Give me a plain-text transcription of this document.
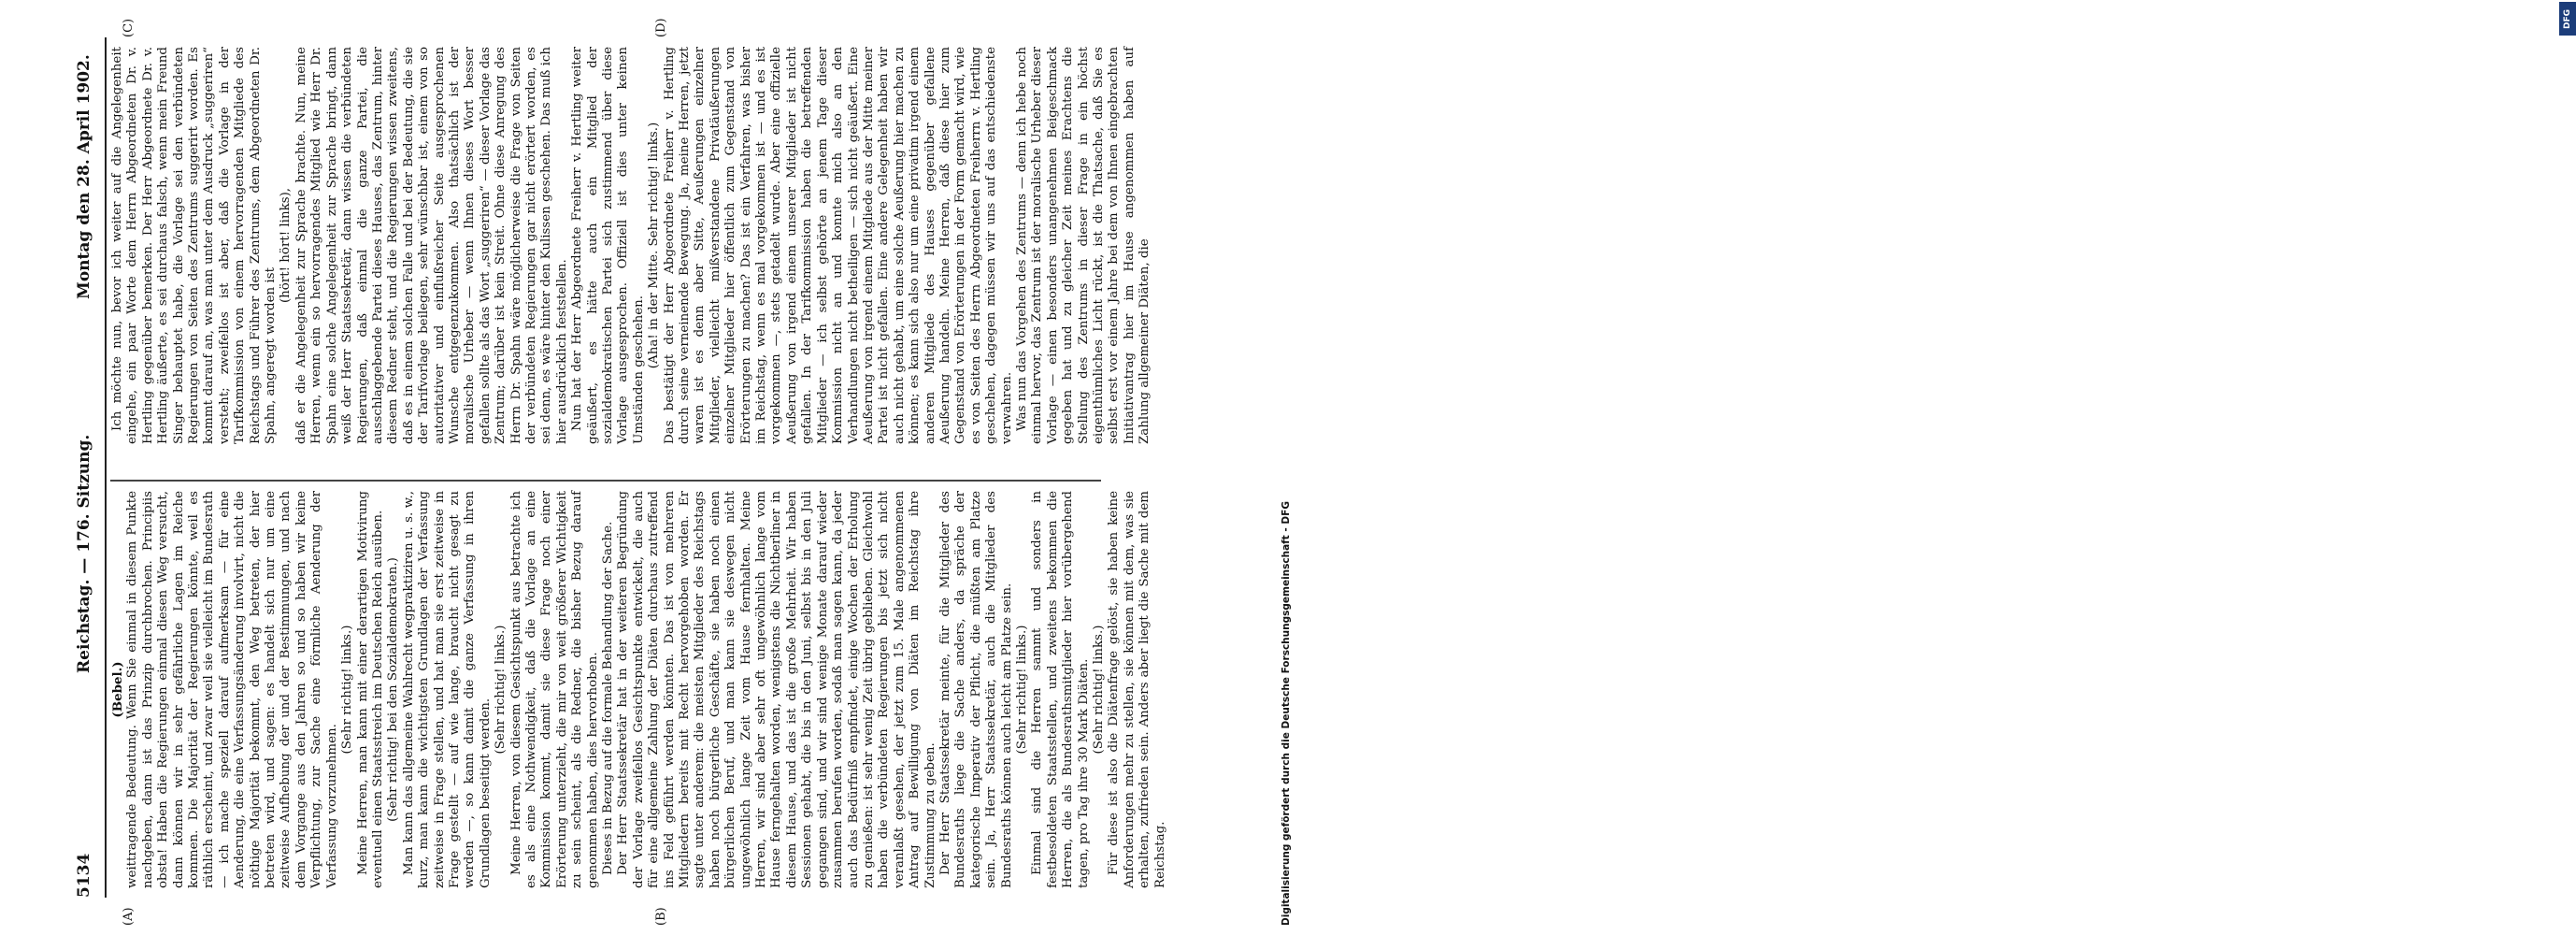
5134
Reichstag. — 176. Sitzung.
Montag den 28. April 1902.
(A)	(B)
(C)	(D)

(Bebel.) weittragende Bedeutung. Wenn Sie einmal in diesem Punkte nachgeben, dann ist das Prinzip durchbrochen. Principiis obsta! Haben die Regierungen einmal diesen Weg versucht, dann können wir in sehr gefährliche Lagen im Reiche kommen. Die Majorität der Regierungen könnte, weil es räthlich erscheint, und zwar weil sie vielleicht im Bundesrath — ich mache speziell darauf aufmerksam — für eine Aenderung, die eine Verfassungsänderung involvirt, nicht die nöthige Majorität bekommt, den Weg betreten, der hier betreten wird, und sagen: es handelt sich nur um eine zeitweise Aufhebung der und der Bestimmungen, und nach dem Vorgange aus den Jahren so und so haben wir keine Verpflichtung, zur Sache eine förmliche Aenderung der Verfassung vorzunehmen.

(Sehr richtig! links.) Meine Herren, man kann mit einer derartigen Motivirung eventuell einen Staatsstreich im Deutschen Reich ausüben. (Sehr richtig! bei den Sozialdemokraten.) Man kann das allgemeine Wahlrecht wegpraktiziren u. s. w., kurz, man kann die wichtigsten Grundlagen der Verfassung zeitweise in Frage stellen, und hat man sie erst zeitweise in Frage gestellt — auf wie lange, braucht nicht gesagt zu werden —, so kann damit die ganze Verfassung in ihren Grundlagen beseitigt werden.

(Sehr richtig! links.) Meine Herren, von diesem Gesichtspunkt aus betrachte ich es als eine Nothwendigkeit, daß die Vorlage an eine Kommission kommt, damit sie diese Frage noch einer Erörterung unterzieht, die mir von weit größerer Wichtigkeit zu sein scheint, als die Redner, die bisher Bezug darauf genommen haben, dies hervorhoben. Dieses in Bezug auf die formale Behandlung der Sache. Der Herr Staatssekretär hat in der weiteren Begründung der Vorlage zweifellos Gesichtspunkte entwickelt, die auch für eine allgemeine Zahlung der Diäten durchaus zutreffend ins Feld geführt werden könnten. Das ist von mehreren Mitgliedern bereits mit Recht hervorgehoben worden. Er sagte unter anderem: die meisten Mitglieder des Reichstags haben noch bürgerliche Geschäfte, sie haben noch einen bürgerlichen Beruf, und man kann sie deswegen nicht ungewöhnlich lange Zeit vom Hause fernhalten. Meine Herren, wir sind aber sehr oft ungewöhnlich lange vom Hause ferngehalten worden, wenigstens die Nichtberliner in diesem Hause, und das ist die große Mehrheit. Wir haben Sessionen gehabt, die bis in den Juni, selbst bis in den Juli gegangen sind, und wir sind wenige Monate darauf wieder zusammen berufen worden, sodaß man sagen kann, da jeder auch das Bedürfniß empfindet, einige Wochen der Erholung zu genießen: ist sehr wenig Zeit übrig geblieben. Gleichwohl haben die verbündeten Regierungen bis jetzt sich nicht veranlaßt gesehen, der jetzt zum 15. Male angenommenen Antrag auf Bewilligung von Diäten im Reichstag ihre Zustimmung zu geben. Der Herr Staatssekretär meinte, für die Mitglieder des Bundesraths liege die Sache anders, da spräche der kategorische Imperativ der Pflicht, die müßten am Platze sein. Ja, Herr Staatssekretär, auch die Mitglieder des Bundesraths können auch leicht am Platze sein. (Sehr richtig! links.) Einmal sind die Herren sammt und sonders in festbesoldeten Staatsstellen, und zweitens bekommen die Herren, die als Bundesrathsmitglieder hier vorübergehend tagen, pro Tag ihre 30 Mark Diäten. (Sehr richtig! links.) Für diese ist also die Diätenfrage gelöst, sie haben keine Anforderungen mehr zu stellen, sie können mit dem, was sie erhalten, zufrieden sein. Anders aber liegt die Sache mit dem Reichstag.

Ich möchte nun, bevor ich weiter auf die Angelegenheit eingehe, ein paar Worte dem Herrn Abgeordneten Dr. v. Hertling gegenüber bemerken. Der Herr Abgeordnete Dr. v. Hertling äußerte, es sei durchaus falsch, wenn mein Freund Singer behauptet habe, die Vorlage sei den verbündeten Regierungen von Seiten des Zentrums suggerirt worden. Es kommt darauf an, was man unter dem Ausdruck „suggeriren“ versteht; zweifellos ist aber, daß die Vorlage in der Tarifkommission von einem hervorragenden Mitgliede des Reichstags und Führer des Zentrums, dem Abgeordneten Dr. Spahn, angeregt worden ist

(hört! hört! links), daß er die Angelegenheit zur Sprache brachte. Nun, meine Herren, wenn ein so hervorragendes Mitglied wie Herr Dr. Spahn eine solche Angelegenheit zur Sprache bringt, dann weiß der Herr Staatssekretär, dann wissen die verbündeten Regierungen, daß einmal die ganze Partei, die ausschlaggebende Partei dieses Hauses, das Zentrum, hinter diesem Redner steht, und die Regierungen wissen zweitens, daß es in einem solchen Falle und bei der Bedeutung, die sie der Tarifvorlage beilegen, sehr wünschbar ist, einem von so autoritativer und einflußreicher Seite ausgesprochenen Wunsche entgegenzukommen. Also thatsächlich ist der moralische Urheber — wenn Ihnen dieses Wort besser gefallen sollte als das Wort „suggeriren“ — dieser Vorlage das Zentrum; darüber ist kein Streit. Ohne diese Anregung des Herrn Dr. Spahn wäre möglicherweise die Frage von Seiten der verbündeten Regierungen gar nicht erörtert worden, es sei denn, es wäre hinter den Kulissen geschehen. Das muß ich hier ausdrücklich feststellen. Nun hat der Herr Abgeordnete Freiherr v. Hertling weiter geäußert, es hätte auch ein Mitglied der sozialdemokratischen Partei sich zustimmend über diese Vorlage ausgesprochen. Offiziell ist dies unter keinen Umständen geschehen.

(Aha! in der Mitte. Sehr richtig! links.) Das bestätigt der Herr Abgeordnete Freiherr v. Hertling durch seine verneinende Bewegung. Ja, meine Herren, jetzt waren ist es denn aber Sitte, Aeußerungen einzelner Mitglieder, vielleicht mißverstandene Privatäußerungen einzelner Mitglieder hier öffentlich zum Gegenstand von Erörterungen zu machen? Das ist ein Verfahren, was bisher im Reichstag, wenn es mal vorgekommen ist — und es ist vorgekommen —, stets getadelt wurde. Aber eine offizielle Aeußerung von irgend einem unserer Mitglieder ist nicht gefallen. In der Tarifkommission haben die betreffenden Mitglieder — ich selbst gehörte an jenem Tage dieser Kommission nicht an und konnte mich also an den Verhandlungen nicht betheiligen — sich nicht geäußert. Eine Aeußerung von irgend einem Mitgliede aus der Mitte meiner Partei ist nicht gefallen. Eine andere Gelegenheit haben wir auch nicht gehabt, um eine solche Aeußerung hier machen zu können; es kann sich also nur um eine privatim irgend einem anderen Mitgliede des Hauses gegenüber gefallene Aeußerung handeln. Meine Herren, daß diese hier zum Gegenstand von Erörterungen in der Form gemacht wird, wie es von Seiten des Herrn Abgeordneten Freiherrn v. Hertling geschehen, dagegen müssen wir uns auf das entschiedenste verwahren. Was nun das Vorgehen des Zentrums — denn ich hebe noch einmal hervor, das Zentrum ist der moralische Urheber dieser Vorlage — einen besonders unangenehmen Beigeschmack gegeben hat und zu gleicher Zeit meines Erachtens die Stellung des Zentrums in dieser Frage in ein höchst eigenthümliches Licht rückt, ist die Thatsache, daß Sie es selbst erst vor einem Jahre bei dem von Ihnen eingebrachten Initiativantrag hier im Hause angenommen haben auf Zahlung allgemeiner Diäten, die

DFG
Digitalisierung gefördert durch die Deutsche Forschungsgemeinschaft - DFG
